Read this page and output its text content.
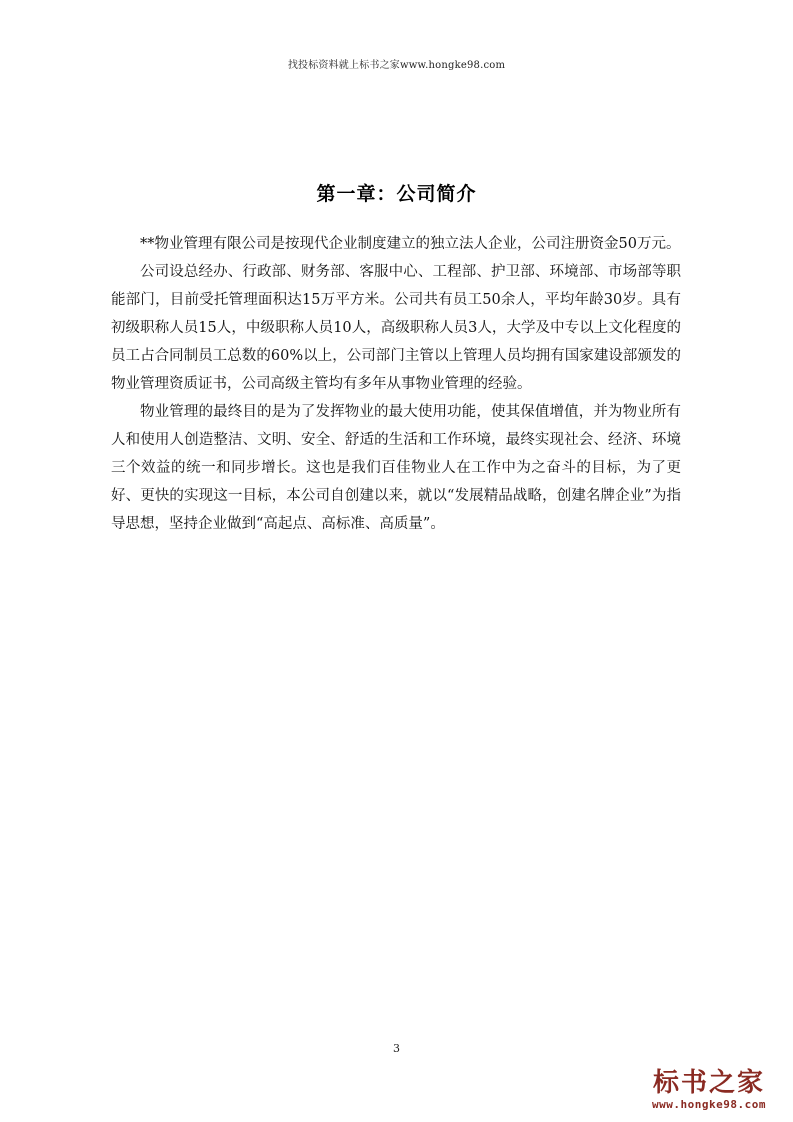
找投标资料就上标书之家www.hongke98.com
第一章：公司简介

**物业管理有限公司是按现代企业制度建立的独立法人企业，公司注册资金50万元。

公司设总经办、行政部、财务部、客服中心、工程部、护卫部、环境部、市场部等职能部门，目前受托管理面积达15万平方米。公司共有员工50余人，平均年龄30岁。具有初级职称人员15人，中级职称人员10人，高级职称人员3人，大学及中专以上文化程度的员工占合同制员工总数的60%以上，公司部门主管以上管理人员均拥有国家建设部颁发的物业管理资质证书，公司高级主管均有多年从事物业管理的经验。

物业管理的最终目的是为了发挥物业的最大使用功能，使其保值增值，并为物业所有人和使用人创造整洁、文明、安全、舒适的生活和工作环境，最终实现社会、经济、环境三个效益的统一和同步增长。这也是我们百佳物业人在工作中为之奋斗的目标，为了更好、更快的实现这一目标，本公司自创建以来，就以“发展精品战略，创建名牌企业”为指导思想，坚持企业做到“高起点、高标准、高质量”。

3
标书之家
www.hongke98.com
